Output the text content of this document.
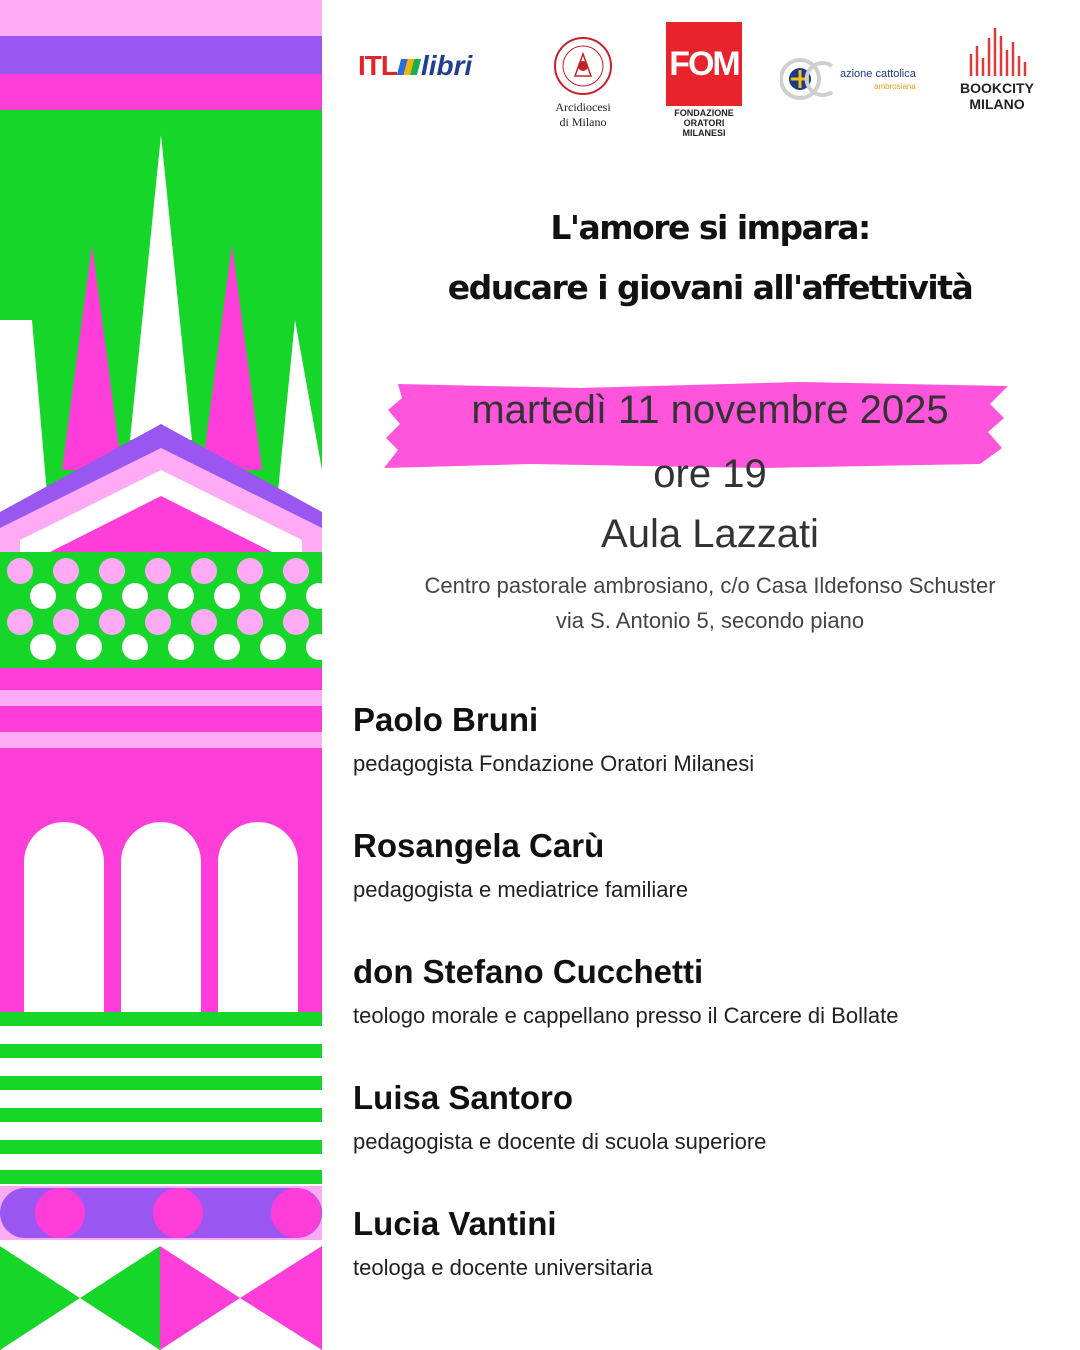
ITL libri
Arcidiocesi
di Milano
FOM
FONDAZIONE
ORATORI
MILANESI
azione cattolica
ambrosiana	BOOKCITY
MILANO
L'amore si impara:
educare i giovani all'affettività
martedì 11 novembre 2025
ore 19
Aula Lazzati
Centro pastorale ambrosiano, c/o Casa Ildefonso Schuster
via S. Antonio 5, secondo piano
Paolo Bruni
pedagogista Fondazione Oratori Milanesi
Rosangela Carù
pedagogista e mediatrice familiare
don Stefano Cucchetti
teologo morale e cappellano presso il Carcere di Bollate
Luisa Santoro
pedagogista e docente di scuola superiore
Lucia Vantini
teologa e docente universitaria
